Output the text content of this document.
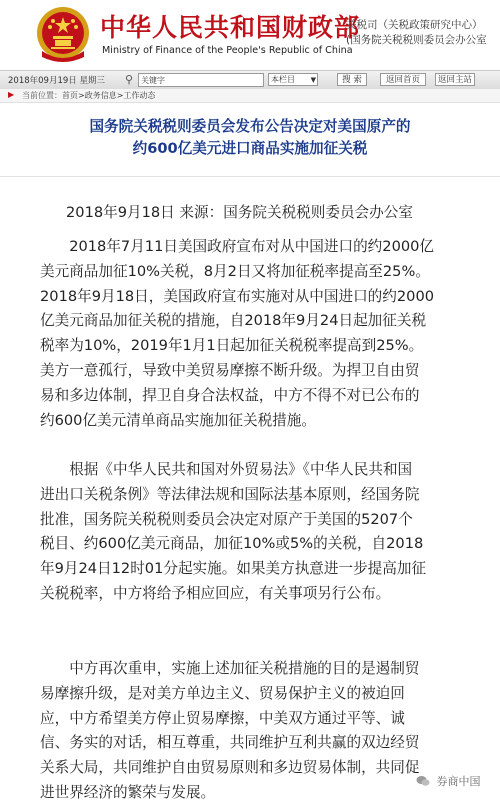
中华人民共和国财政部
Ministry of Finance of the People's Republic of China
关税司（关税政策研究中心）
(国务院关税税则委员会办公室
2018年09月19日 星期三 ⚲
关键字	本栏目 ▼	搜 索	返回首页	返回主站
▶ 当前位置： 首页>政务信息>工作动态
国务院关税税则委员会发布公告决定对美国原产的
约600亿美元进口商品实施加征关税
2018年9月18日 来源：国务院关税税则委员会办公室
　　2018年7月11日美国政府宣布对从中国进口的约2000亿
美元商品加征10%关税，8月2日又将加征税率提高至25%。
2018年9月18日，美国政府宣布实施对从中国进口的约2000
亿美元商品加征关税的措施，自2018年9月24日起加征关税
税率为10%，2019年1月1日起加征关税税率提高到25%。
美方一意孤行，导致中美贸易摩擦不断升级。为捍卫自由贸
易和多边体制，捍卫自身合法权益，中方不得不对已公布的
约600亿美元清单商品实施加征关税措施。
　　根据《中华人民共和国对外贸易法》《中华人民共和国
进出口关税条例》等法律法规和国际法基本原则，经国务院
批准，国务院关税税则委员会决定对原产于美国的5207个
税目、约600亿美元商品，加征10%或5%的关税，自2018
年9月24日12时01分起实施。如果美方执意进一步提高加征
关税税率，中方将给予相应回应，有关事项另行公布。
　　中方再次重申，实施上述加征关税措施的目的是遏制贸
易摩擦升级，是对美方单边主义、贸易保护主义的被迫回
应，中方希望美方停止贸易摩擦，中美双方通过平等、诚
信、务实的对话，相互尊重，共同维护互利共赢的双边经贸
关系大局，共同维护自由贸易原则和多边贸易体制，共同促
进世界经济的繁荣与发展。
券商中国
